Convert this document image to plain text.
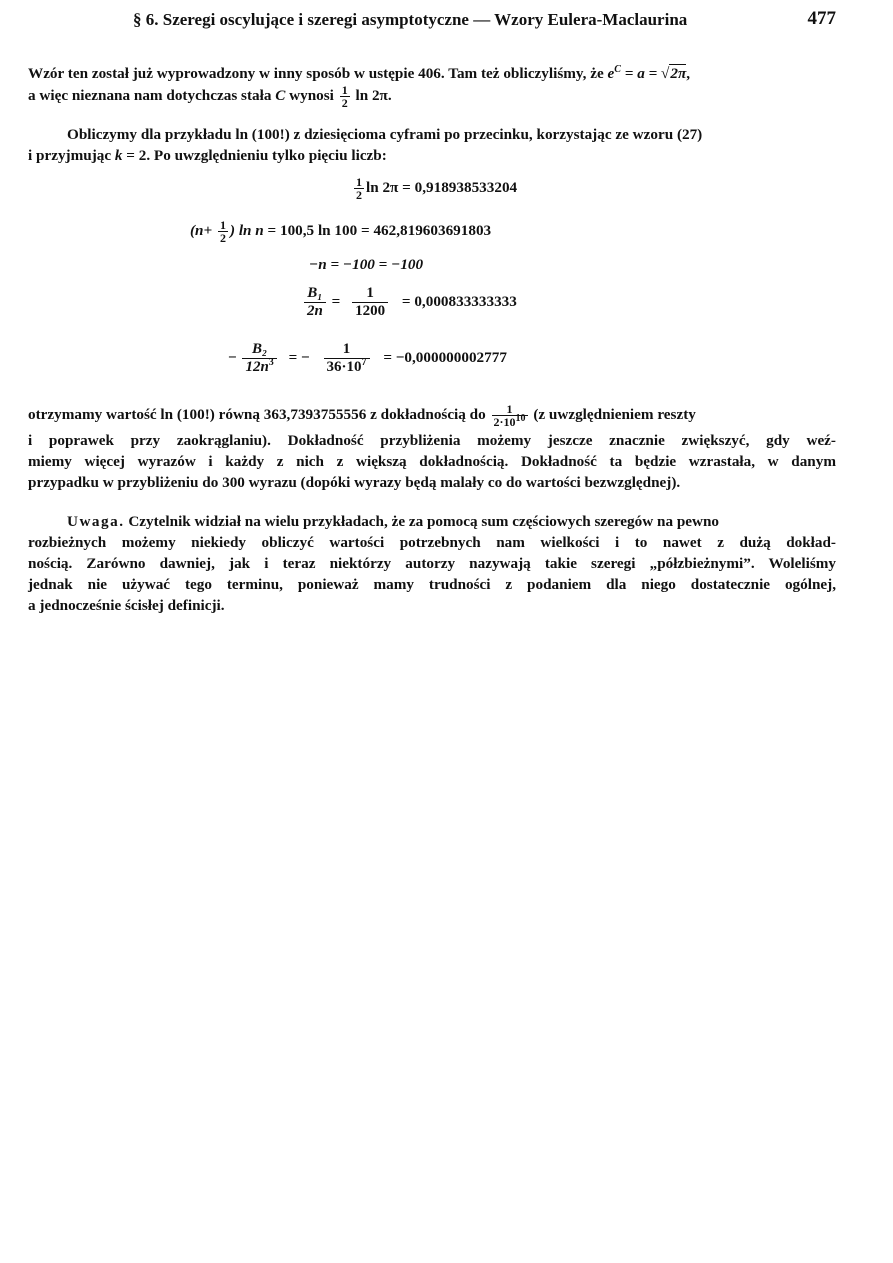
§ 6. Szeregi oscylujące i szeregi asymptotyczne — Wzory Eulera-Maclaurina	477
Wzór ten został już wyprowadzony w inny sposób w ustępie 406. Tam też obliczyliśmy, że $e^C = a = √2\pi$,
a więc nieznana nam dotychczas stała C wynosi $\frac{1}{2}$ ln 2π.
Obliczymy dla przykładu ln (100!) z dziesięcioma cyframi po przecinku, korzystając ze wzoru (27)
i przyjmując k = 2. Po uwzględnieniu tylko pięciu liczb:
$\frac{1}{2}$ ln 2π = 0,918938533204
($n+ \frac{1}{2}$ ) ln n = 100,5 ln 100 = 462,819603691803
−n = −100 = −100
$\frac{\text{B₁}}{2n} = \frac{1}{1200} = 0,000833333333$
− $\frac{\text{B₂}}{12n^3}$ = − $\frac{1}{36\cdot 10^7} = -0,000000002777$
otrzymamy wartość ln (100!) równą 363,7393755556 z dokładnością do $\frac{1}{2\cdot 10^{10}} (z$ uwzględnieniem reszty
i poprawek przy zaokrąglaniu). Dokładność przybliżenia możemy jeszcze znacznie zwiększyć, gdy weź-
miemy więcej wyrazów i każdy z nich z większą dokładnością. Dokładność ta będzie wzrastała, w danym
przypadku w przybliżeniu do 300 wyrazu (dopóki wyrazy będą malały co do wartości bezwzględnej).
Uwaga. Czytelnik widział na wielu przykładach, że za pomocą sum częściowych szeregów na pewno
rozbieżnych możemy niekiedy obliczyć wartości potrzebnych nam wielkości i to nawet z dużą dokład-
nością. Zarówno dawniej, jak i teraz niektórzy autorzy nazywają takie szeregi „półzbieżnymi”. Woleliśmy
jednak nie używać tego terminu, ponieważ mamy trudności z podaniem dla niego dostatecznie ogólnej,
a jednocześnie ścisłej definicji.
